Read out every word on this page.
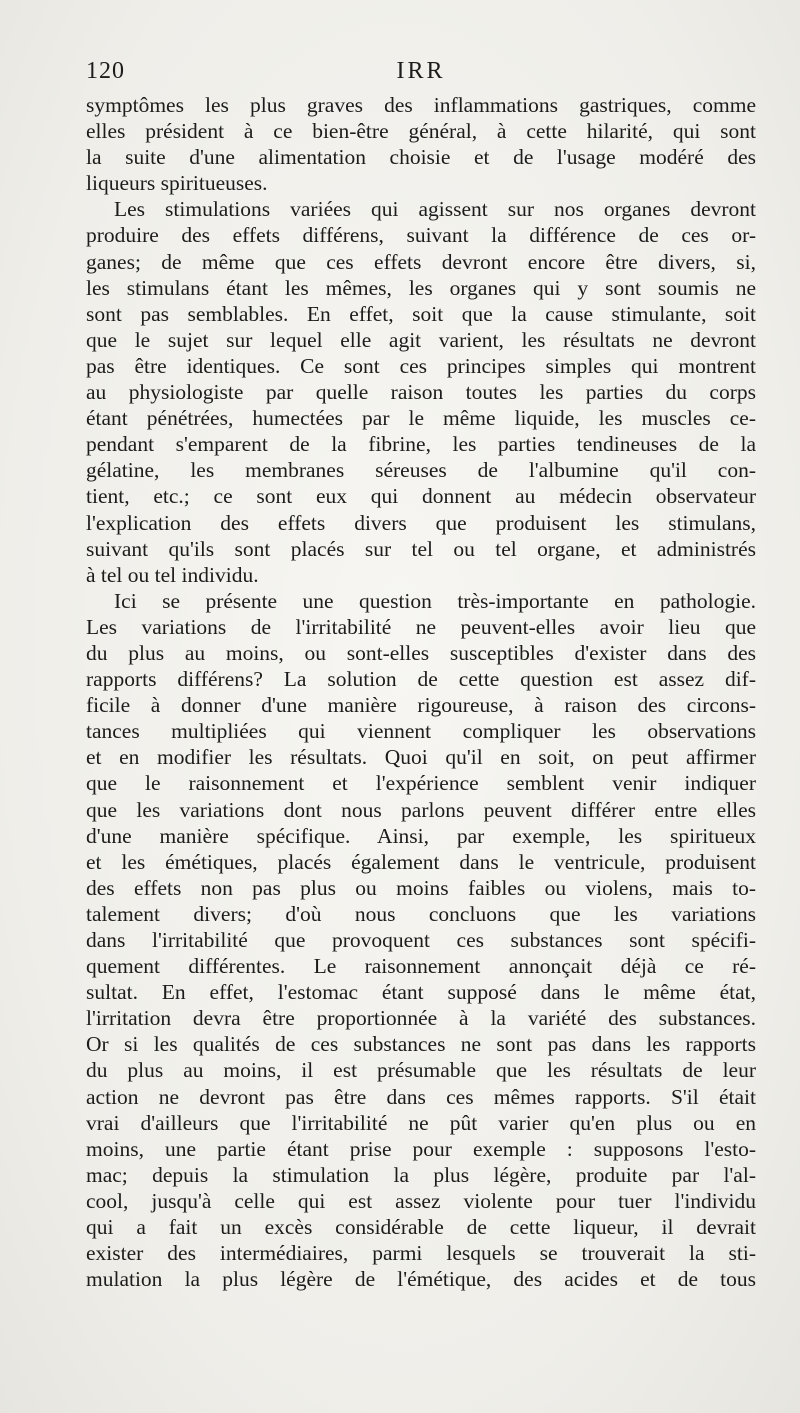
120	IRR
symptômes les plus graves des inflammations gastriques, comme
elles président à ce bien-être général, à cette hilarité, qui sont
la suite d'une alimentation choisie et de l'usage modéré des
liqueurs spiritueuses.
Les stimulations variées qui agissent sur nos organes devront
produire des effets différens, suivant la différence de ces or-
ganes; de même que ces effets devront encore être divers, si,
les stimulans étant les mêmes, les organes qui y sont soumis ne
sont pas semblables. En effet, soit que la cause stimulante, soit
que le sujet sur lequel elle agit varient, les résultats ne devront
pas être identiques. Ce sont ces principes simples qui montrent
au physiologiste par quelle raison toutes les parties du corps
étant pénétrées, humectées par le même liquide, les muscles ce-
pendant s'emparent de la fibrine, les parties tendineuses de la
gélatine, les membranes séreuses de l'albumine qu'il con-
tient, etc.; ce sont eux qui donnent au médecin observateur
l'explication des effets divers que produisent les stimulans,
suivant qu'ils sont placés sur tel ou tel organe, et administrés
à tel ou tel individu.
Ici se présente une question très-importante en pathologie.
Les variations de l'irritabilité ne peuvent-elles avoir lieu que
du plus au moins, ou sont-elles susceptibles d'exister dans des
rapports différens? La solution de cette question est assez dif-
ficile à donner d'une manière rigoureuse, à raison des circons-
tances multipliées qui viennent compliquer les observations
et en modifier les résultats. Quoi qu'il en soit, on peut affirmer
que le raisonnement et l'expérience semblent venir indiquer
que les variations dont nous parlons peuvent différer entre elles
d'une manière spécifique. Ainsi, par exemple, les spiritueux
et les émétiques, placés également dans le ventricule, produisent
des effets non pas plus ou moins faibles ou violens, mais to-
talement divers; d'où nous concluons que les variations
dans l'irritabilité que provoquent ces substances sont spécifi-
quement différentes. Le raisonnement annonçait déjà ce ré-
sultat. En effet, l'estomac étant supposé dans le même état,
l'irritation devra être proportionnée à la variété des substances.
Or si les qualités de ces substances ne sont pas dans les rapports
du plus au moins, il est présumable que les résultats de leur
action ne devront pas être dans ces mêmes rapports. S'il était
vrai d'ailleurs que l'irritabilité ne pût varier qu'en plus ou en
moins, une partie étant prise pour exemple : supposons l'esto-
mac; depuis la stimulation la plus légère, produite par l'al-
cool, jusqu'à celle qui est assez violente pour tuer l'individu
qui a fait un excès considérable de cette liqueur, il devrait
exister des intermédiaires, parmi lesquels se trouverait la sti-
mulation la plus légère de l'émétique, des acides et de tous
